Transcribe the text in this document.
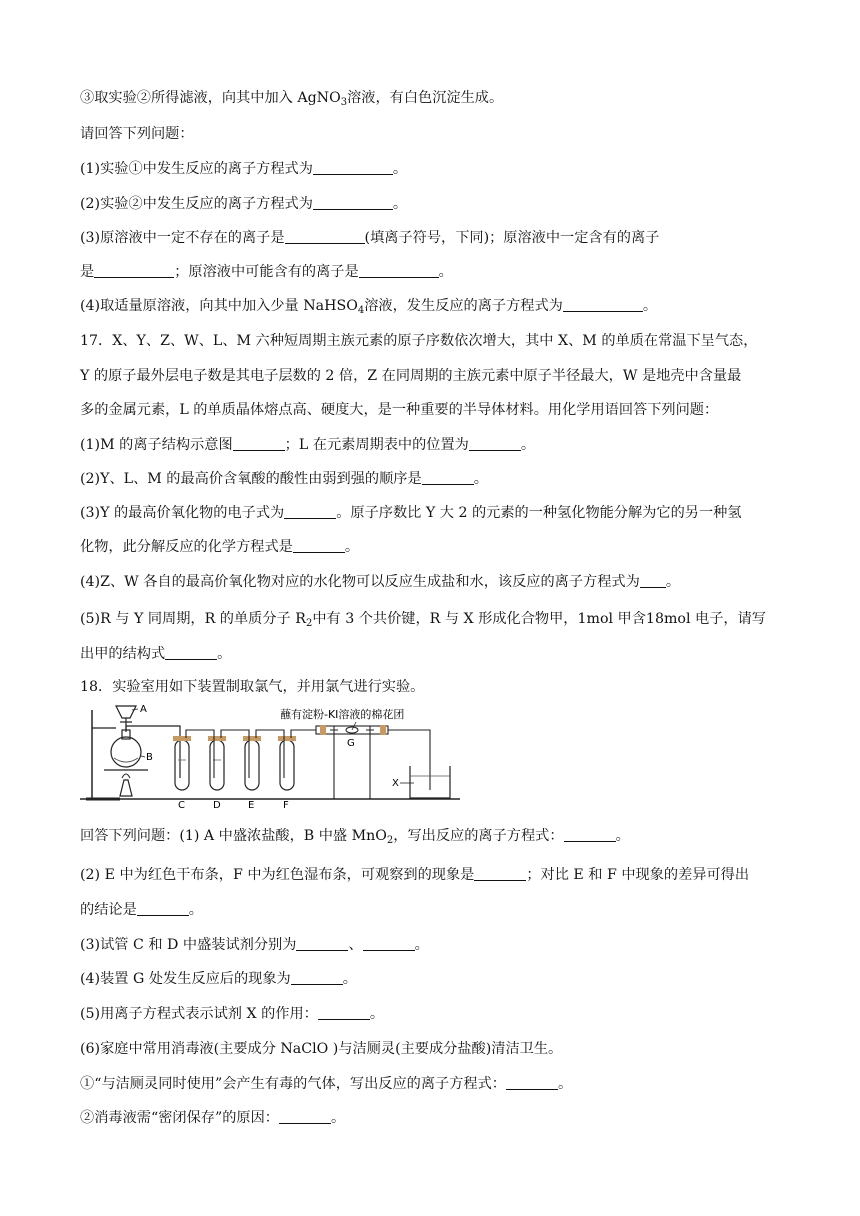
③取实验②所得滤液，向其中加入 AgNO$_3$溶液，有白色沉淀生成。
请回答下列问题：
(1)实验①中发生反应的离子方程式为	。
(2)实验②中发生反应的离子方程式为	。
(3)原溶液中一定不存在的离子是	(填离子符号，下同)；原溶液中一定含有的离子
是	；原溶液中可能含有的离子是	。
(4)取适量原溶液，向其中加入少量 NaHSO$_4$溶液，发生反应的离子方程式为	。
17．X、Y、Z、W、L、M 六种短周期主族元素的原子序数依次增大，其中 X、M 的单质在常温下呈气态，
Y 的原子最外层电子数是其电子层数的 2 倍，Z 在同周期的主族元素中原子半径最大，W 是地壳中含量最
多的金属元素，L 的单质晶体熔点高、硬度大，是一种重要的半导体材料。用化学用语回答下列问题：
(1)M 的离子结构示意图	；L 在元素周期表中的位置为	。
(2)Y、L、M 的最高价含氧酸的酸性由弱到强的顺序是	。
(3)Y 的最高价氧化物的电子式为	。原子序数比 Y 大 2 的元素的一种氢化物能分解为它的另一种氢
化物，此分解反应的化学方程式是	。
(4)Z、W 各自的最高价氧化物对应的水化物可以反应生成盐和水，该反应的离子方程式为 。
(5)R 与 Y 同周期，R 的单质分子 $R_2$中有 3 个共价键，R 与 X 形成化合物甲，1mol 甲含18mol 电子，请写
出甲的结构式	。
18．实验室用如下装置制取氯气，并用氯气进行实验。
A
B
C	D	E	F
蘸有淀粉-KI溶液的棉花团
G
X
回答下列问题：(1) A 中盛浓盐酸，B 中盛 MnO$_2$，写出反应的离子方程式：	。
(2) E 中为红色干布条，F 中为红色湿布条，可观察到的现象是	；对比 E 和 F 中现象的差异可得出
的结论是	。
(3)试管 C 和 D 中盛装试剂分别为	、	。
(4)装置 G 处发生反应后的现象为	。
(5)用离子方程式表示试剂 X 的作用：	。
(6)家庭中常用消毒液(主要成分 NaClO )与洁厕灵(主要成分盐酸)清洁卫生。
①“与洁厕灵同时使用”会产生有毒的气体，写出反应的离子方程式：	。
②消毒液需“密闭保存”的原因：	。
